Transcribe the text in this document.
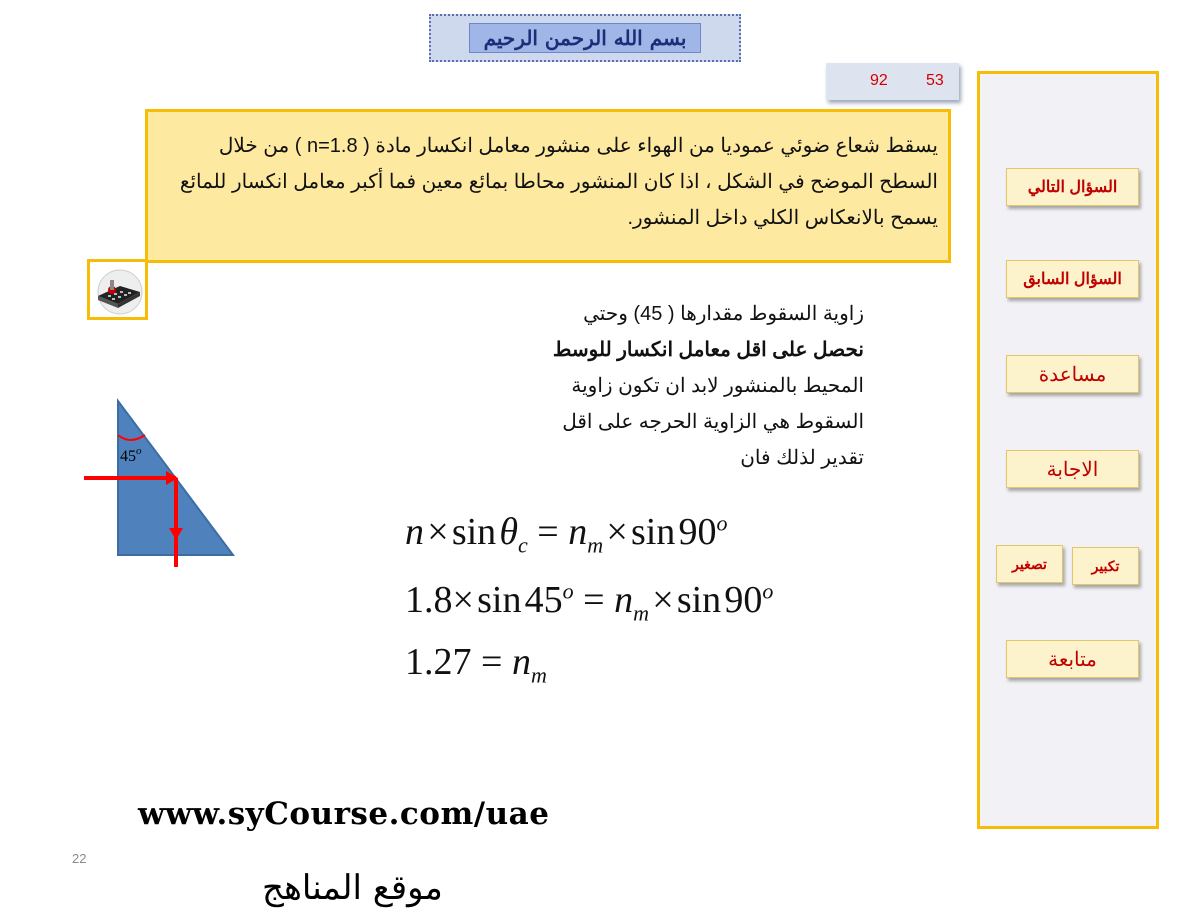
بسم الله الرحمن الرحيم
92 53
يسقط شعاع ضوئي عموديا من الهواء على منشور معامل انكسار مادة ( n=1.8 ) من خلال السطح الموضح في الشكل ، اذا كان المنشور محاطا بمائع معين فما أكبر معامل انكسار للمائع يسمح بالانعكاس الكلي داخل المنشور.
زاوية السقوط مقدارها ( 45) وحتي
نحصل على اقل معامل انكسار للوسط
المحيط بالمنشور لابد ان تكون زاوية
السقوط هي الزاوية الحرجه على اقل
تقدير لذلك فان
45$^o$
n × sin $\theta_c = n_m$ × sin 90$^o$
1.8× sin $45^o = n_m$ × sin 90$^o$
$1.27 = n_m$
www.syCourse.com/uae
22
موقع المناهج
السؤال التالي
السؤال السابق
مساعدة
الاجابة
تصغير	تكبير
متابعة
